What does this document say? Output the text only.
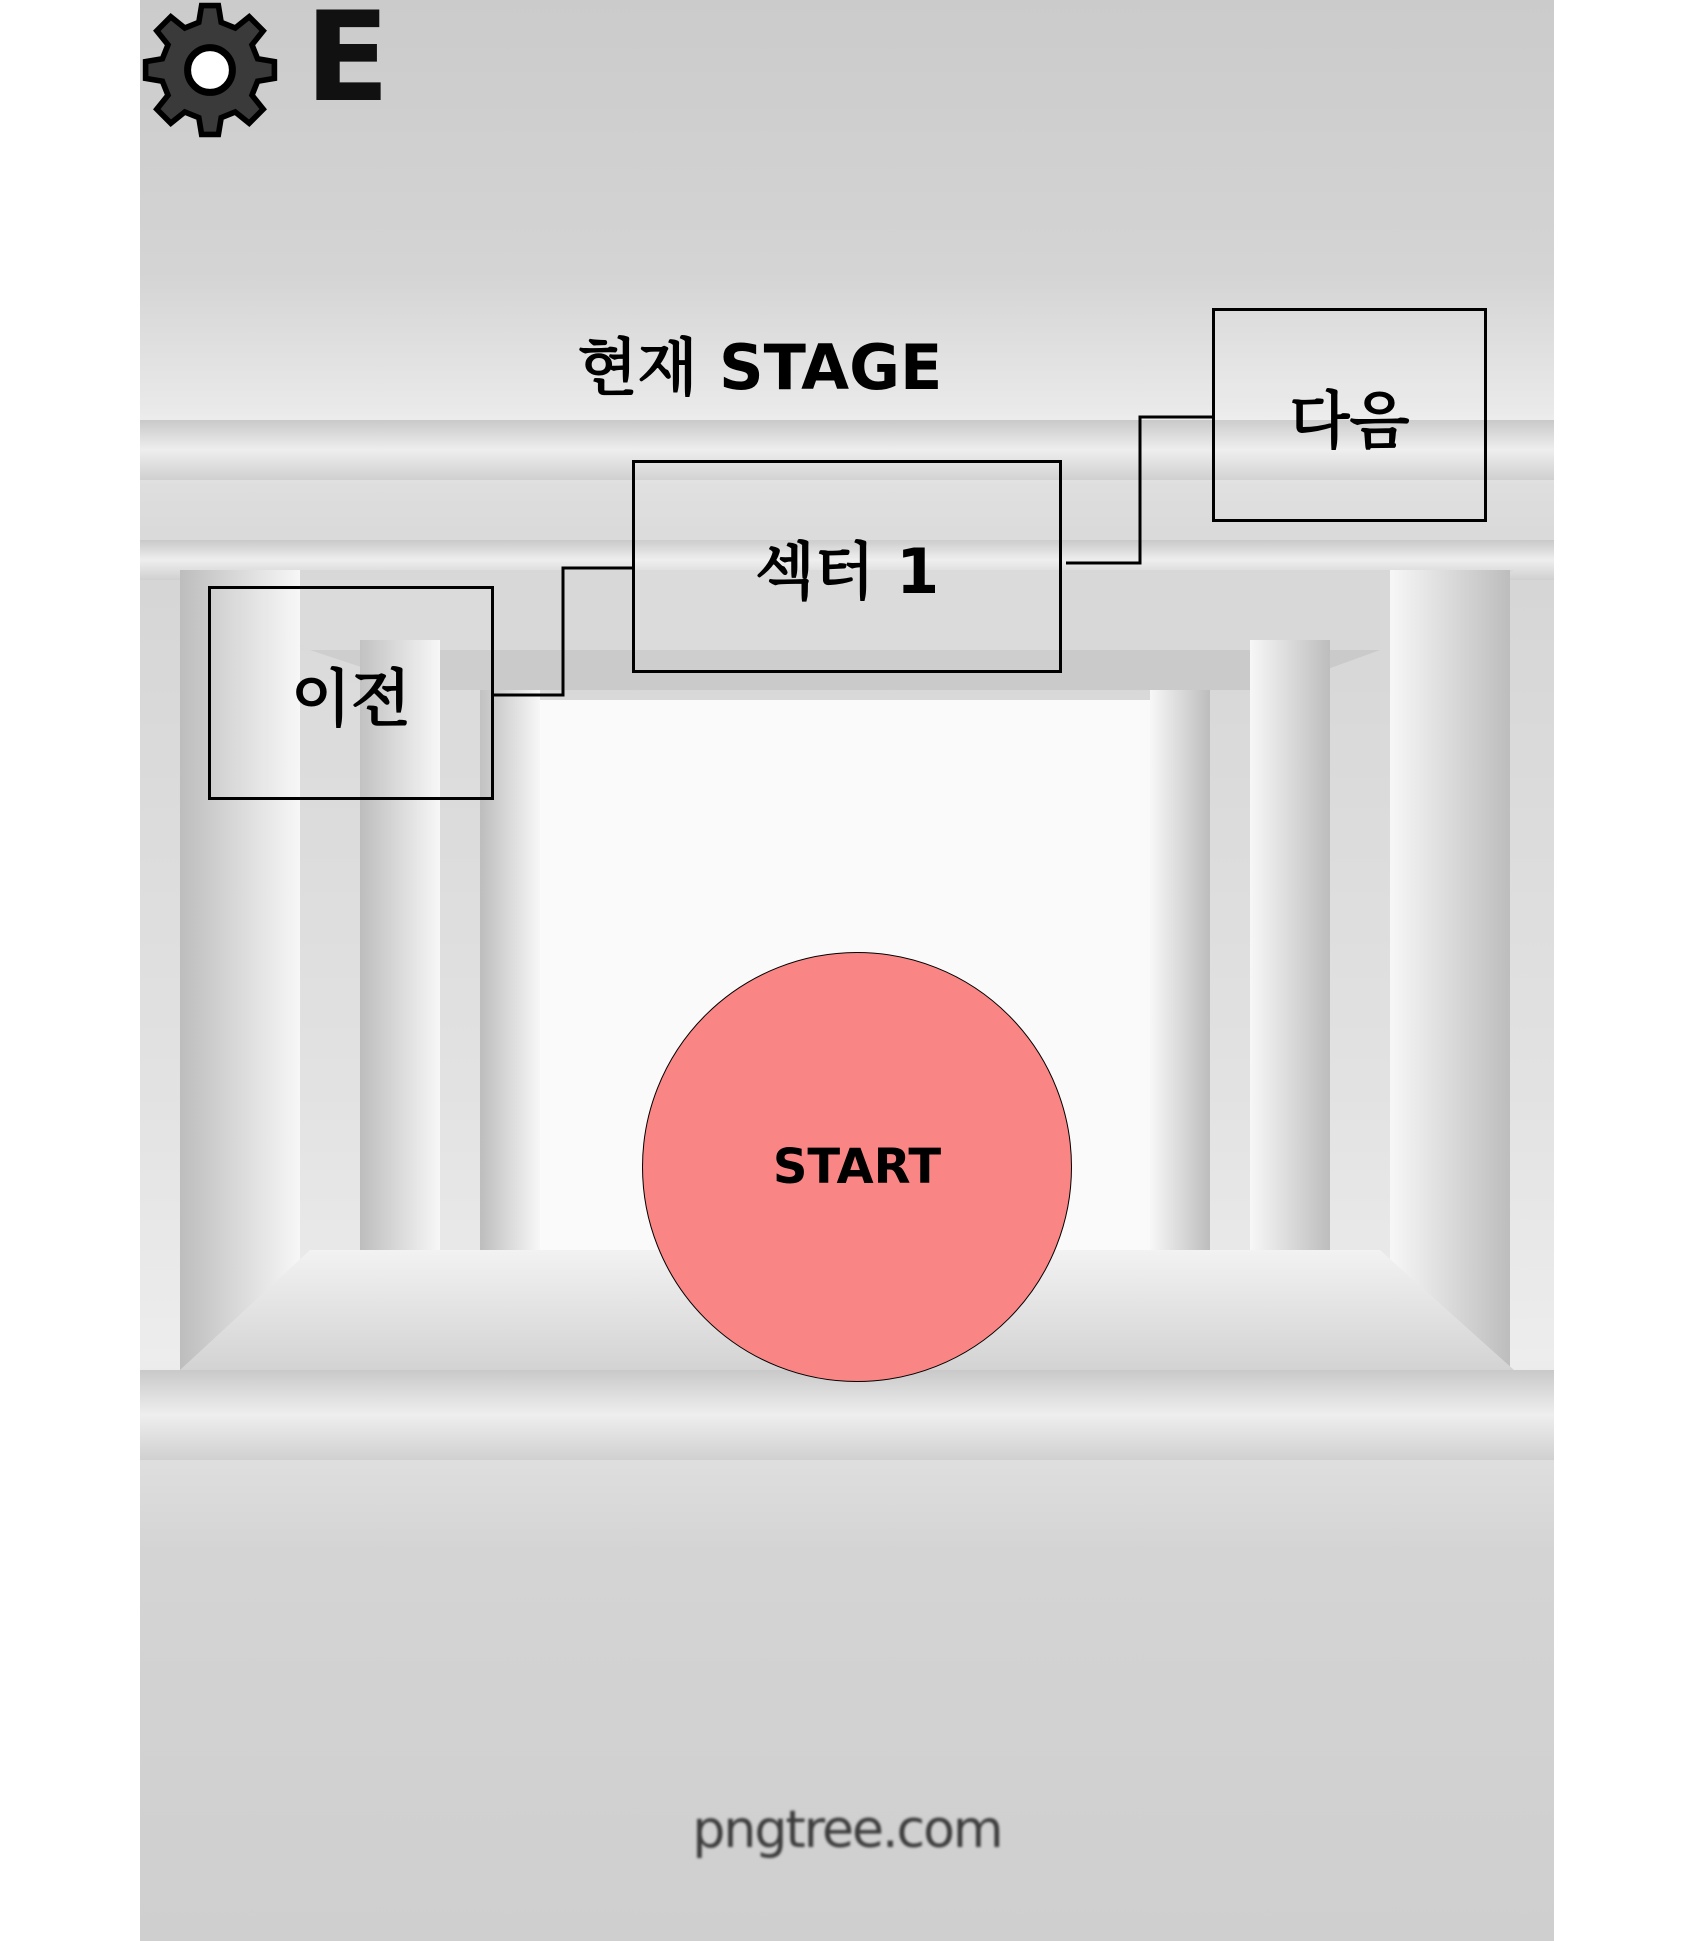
pngtree.com
E
현재 STAGE
이전
섹터 1
다음
START
